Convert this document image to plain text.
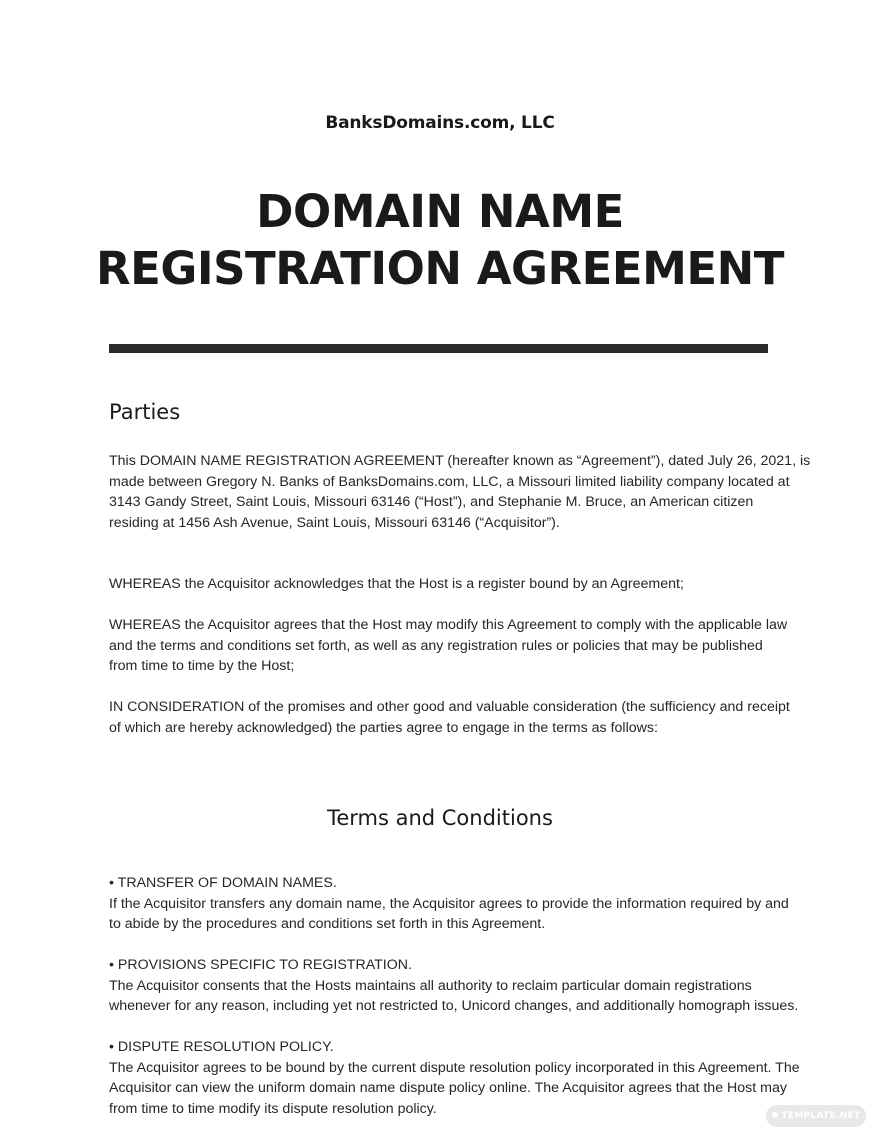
BanksDomains.com, LLC
DOMAIN NAME
REGISTRATION AGREEMENT
Parties
This DOMAIN NAME REGISTRATION AGREEMENT (hereafter known as “Agreement”), dated July 26, 2021, is
made between Gregory N. Banks of BanksDomains.com, LLC, a Missouri limited liability company located at
3143 Gandy Street, Saint Louis, Missouri 63146 (“Host”), and Stephanie M. Bruce, an American citizen
residing at 1456 Ash Avenue, Saint Louis, Missouri 63146 (“Acquisitor”).
WHEREAS the Acquisitor acknowledges that the Host is a register bound by an Agreement;
WHEREAS the Acquisitor agrees that the Host may modify this Agreement to comply with the applicable law
and the terms and conditions set forth, as well as any registration rules or policies that may be published
from time to time by the Host;
IN CONSIDERATION of the promises and other good and valuable consideration (the sufficiency and receipt
of which are hereby acknowledged) the parties agree to engage in the terms as follows:
Terms and Conditions
• TRANSFER OF DOMAIN NAMES.
If the Acquisitor transfers any domain name, the Acquisitor agrees to provide the information required by and
to abide by the procedures and conditions set forth in this Agreement.
• PROVISIONS SPECIFIC TO REGISTRATION.
The Acquisitor consents that the Hosts maintains all authority to reclaim particular domain registrations
whenever for any reason, including yet not restricted to, Unicord changes, and additionally homograph issues.
• DISPUTE RESOLUTION POLICY.
The Acquisitor agrees to be bound by the current dispute resolution policy incorporated in this Agreement. The
Acquisitor can view the uniform domain name dispute policy online. The Acquisitor agrees that the Host may
from time to time modify its dispute resolution policy.	TEMPLATE.NET
